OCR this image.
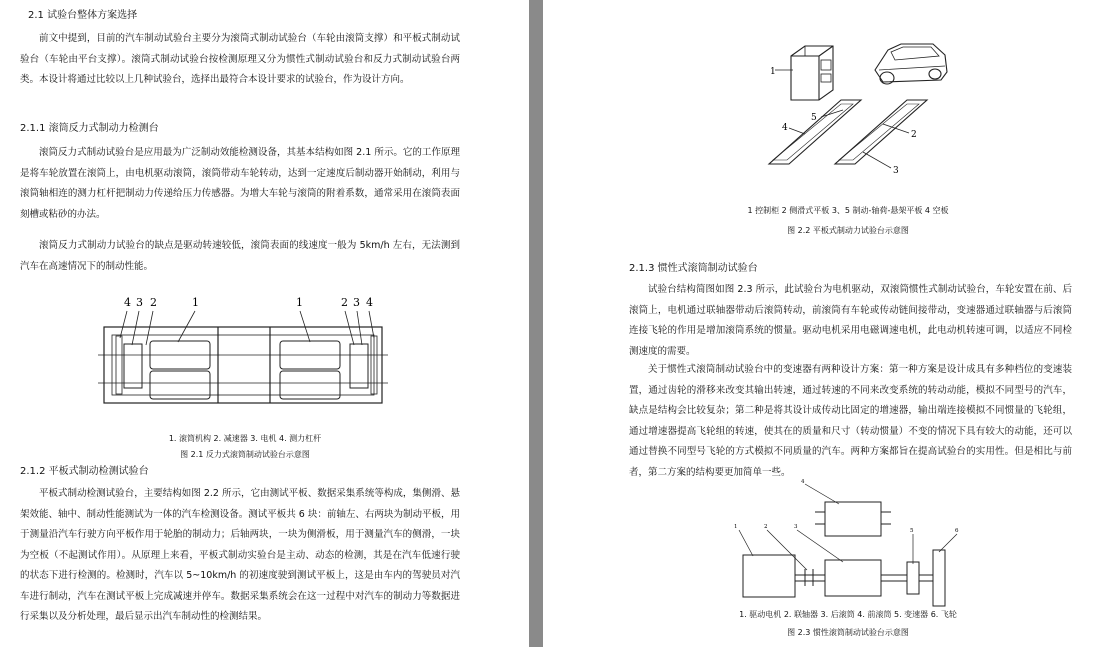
2.1 试验台整体方案选择
前文中提到，目前的汽车制动试验台主要分为滚筒式制动试验台（车轮由滚筒支撑）和平板式制动试验台（车轮由平台支撑）。滚筒式制动试验台按检测原理又分为惯性式制动试验台和反力式制动试验台两类。本设计将通过比较以上几种试验台，选择出最符合本设计要求的试验台，作为设计方向。
2.1.1 滚筒反力式制动力检测台
滚筒反力式制动试验台是应用最为广泛制动效能检测设备，其基本结构如图 2.1 所示。它的工作原理是将车轮放置在滚筒上，由电机驱动滚筒，滚筒带动车轮转动，达到一定速度后制动器开始制动，利用与滚筒轴相连的测力杠杆把制动力传递给压力传感器。为增大车轮与滚筒的附着系数，通常采用在滚筒表面刻槽或粘砂的办法。
滚筒反力式制动力试验台的缺点是驱动转速较低，滚筒表面的线速度一般为 5km/h 左右，无法测到汽车在高速情况下的制动性能。
4 3 2	1	1	2 3 4
1. 滚筒机构 2. 减速器 3. 电机 4. 测力杠杆
图 2.1 反力式滚筒制动试验台示意图
2.1.2 平板式制动检测试验台
平板式制动检测试验台，主要结构如图 2.2 所示，它由测试平板、数据采集系统等构成，集侧滑、悬架效能、轴中、制动性能测试为一体的汽车检测设备。测试平板共 6 块：前轴左、右两块为制动平板，用于测量沿汽车行驶方向平板作用于轮胎的制动力；后轴两块，一块为侧滑板，用于测量汽车的侧滑，一块为空板（不起测试作用）。从原理上来看，平板式制动实验台是主动、动态的检测，其是在汽车低速行驶的状态下进行检测的。检测时，汽车以 5~10km/h 的初速度驶到测试平板上，这是由车内的驾驶员对汽车进行制动，汽车在测试平板上完成减速并停车。数据采集系统会在这一过程中对汽车的制动力等数据进行采集以及分析处理，最后显示出汽车制动性的检测结果。
1
5
4
2
3
1 控制柜 2 侧滑式平板 3、5 制动-轴荷-悬架平板 4 空板
图 2.2 平板式制动力试验台示意图
2.1.3 惯性式滚筒制动试验台
试验台结构简图如图 2.3 所示，此试验台为电机驱动，双滚筒惯性式制动试验台，车轮安置在前、后滚筒上，电机通过联轴器带动后滚筒转动，前滚筒有车轮或传动链间接带动，变速器通过联轴器与后滚筒连接飞轮的作用是增加滚筒系统的惯量。驱动电机采用电磁调速电机，此电动机转速可调，以适应不同检测速度的需要。
关于惯性式滚筒制动试验台中的变速器有两种设计方案：第一种方案是设计成具有多种档位的变速装置，通过齿轮的滑移来改变其输出转速，通过转速的不同来改变系统的转动动能，模拟不同型号的汽车，缺点是结构会比较复杂；第二种是将其设计成传动比固定的增速器，输出端连接模拟不同惯量的飞轮组，通过增速器提高飞轮组的转速，使其在的质量和尺寸（转动惯量）不变的情况下具有较大的动能，还可以通过替换不同型号飞轮的方式模拟不同质量的汽车。两种方案都旨在提高试验台的实用性。但是相比与前者，第二方案的结构要更加简单一些。
4
1	2	3
5	6
1. 驱动电机 2. 联轴器 3. 后滚筒 4. 前滚筒 5. 变速器 6. 飞轮
图 2.3 惯性滚筒制动试验台示意图
